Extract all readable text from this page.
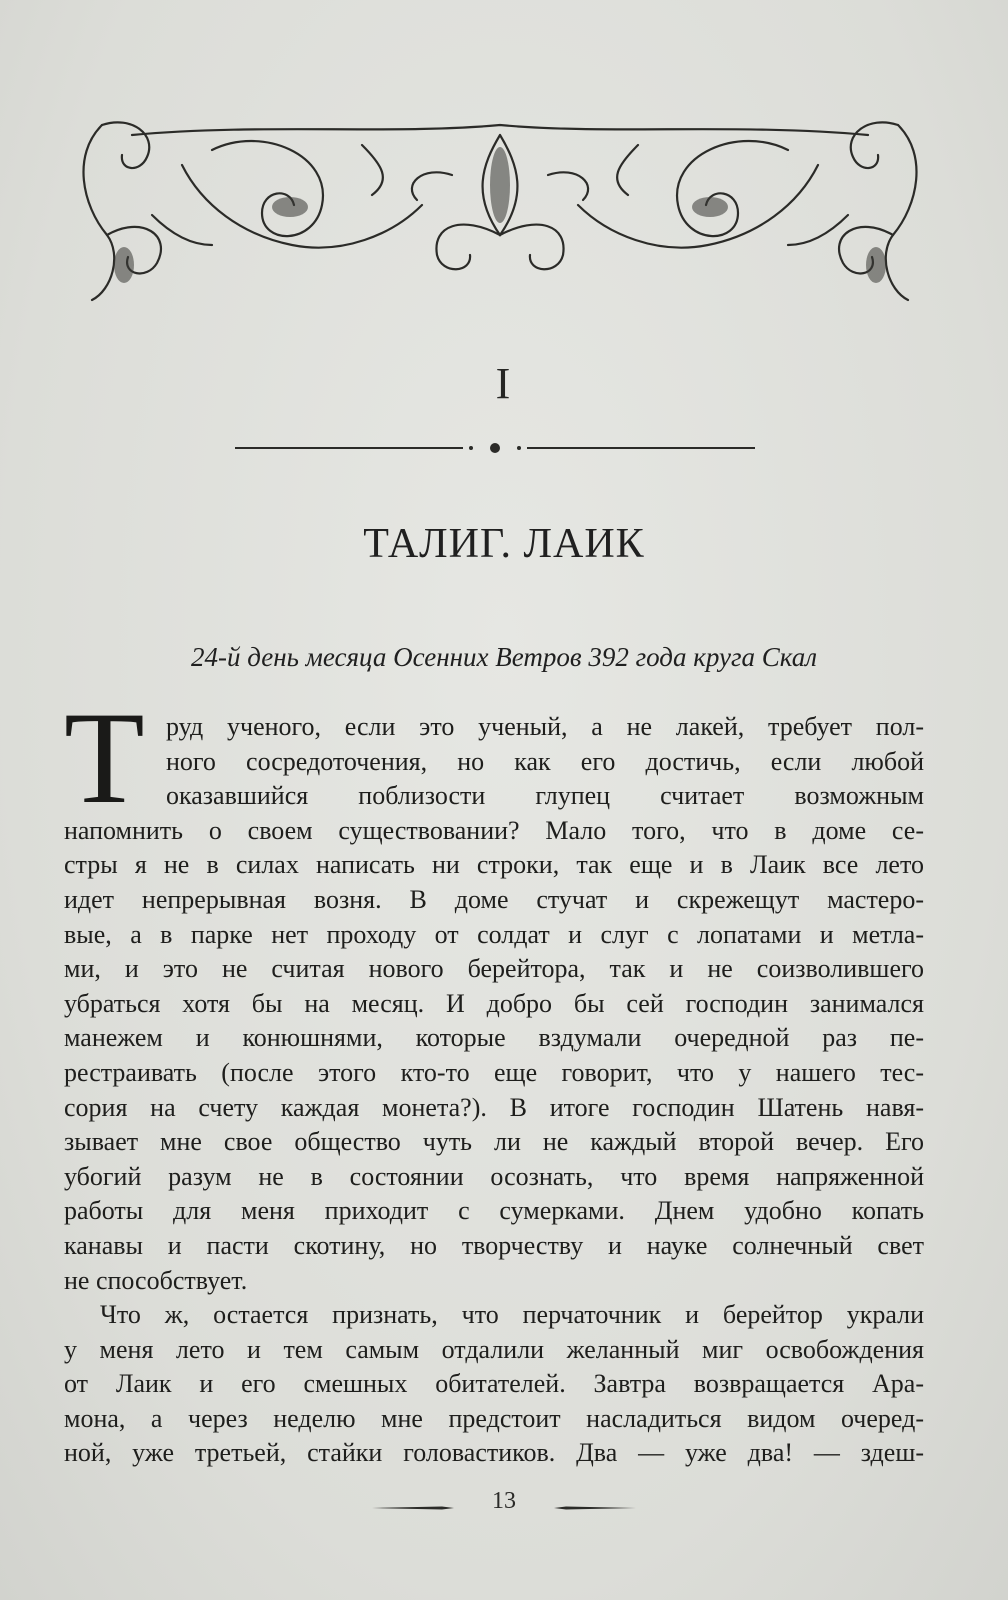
I
ТАЛИГ. ЛАИК
24-й день месяца Осенних Ветров 392 года круга Скал
Т руд ученого, если это ученый, а не лакей, требует пол-
ного сосредоточения, но как его достичь, если любой
оказавшийся поблизости глупец считает возможным
напомнить о своем существовании? Мало того, что в доме се-
стры я не в силах написать ни строки, так еще и в Лаик все лето
идет непрерывная возня. В доме стучат и скрежещут мастеро-
вые, а в парке нет проходу от солдат и слуг с лопатами и метла-
ми, и это не считая нового берейтора, так и не соизволившего
убраться хотя бы на месяц. И добро бы сей господин занимался
манежем и конюшнями, которые вздумали очередной раз пе-
рестраивать (после этого кто-то еще говорит, что у нашего тес-
сория на счету каждая монета?). В итоге господин Шатень навя-
зывает мне свое общество чуть ли не каждый второй вечер. Его
убогий разум не в состоянии осознать, что время напряженной
работы для меня приходит с сумерками. Днем удобно копать
канавы и пасти скотину, но творчеству и науке солнечный свет
не способствует.
Что ж, остается признать, что перчаточник и берейтор украли
у меня лето и тем самым отдалили желанный миг освобождения
от Лаик и его смешных обитателей. Завтра возвращается Ара-
мона, а через неделю мне предстоит насладиться видом очеред-
ной, уже третьей, стайки головастиков. Два — уже два! — здеш-
13
